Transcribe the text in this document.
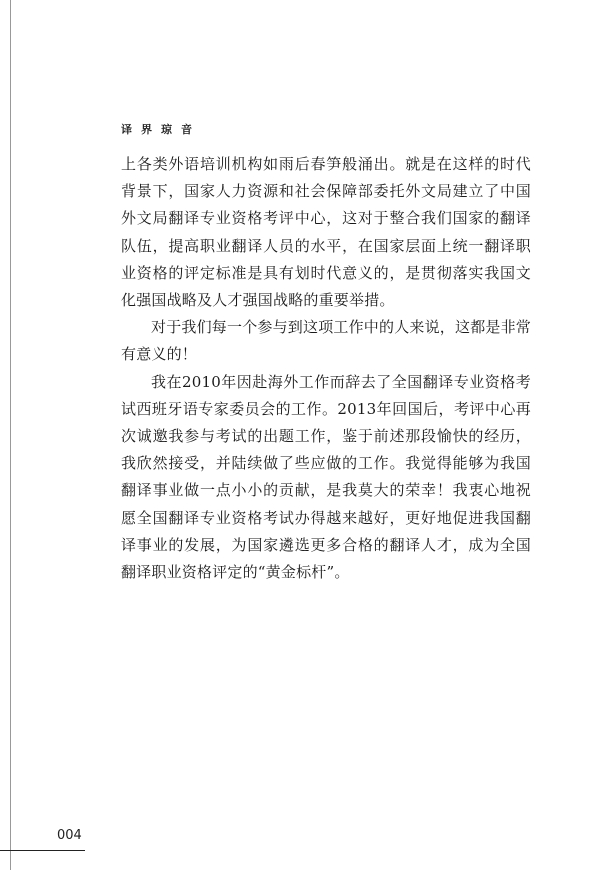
译界琼音

上各类外语培训机构如雨后春笋般涌出。就是在这样的时代背景下，国家人力资源和社会保障部委托外文局建立了中国外文局翻译专业资格考评中心，这对于整合我们国家的翻译队伍，提高职业翻译人员的水平，在国家层面上统一翻译职业资格的评定标准是具有划时代意义的，是贯彻落实我国文化强国战略及人才强国战略的重要举措。

对于我们每一个参与到这项工作中的人来说，这都是非常有意义的！

我在2010年因赴海外工作而辞去了全国翻译专业资格考试西班牙语专家委员会的工作。2013年回国后，考评中心再次诚邀我参与考试的出题工作，鉴于前述那段愉快的经历，我欣然接受，并陆续做了些应做的工作。我觉得能够为我国翻译事业做一点小小的贡献，是我莫大的荣幸！我衷心地祝愿全国翻译专业资格考试办得越来越好，更好地促进我国翻译事业的发展，为国家遴选更多合格的翻译人才，成为全国翻译职业资格评定的“黄金标杆”。

004
